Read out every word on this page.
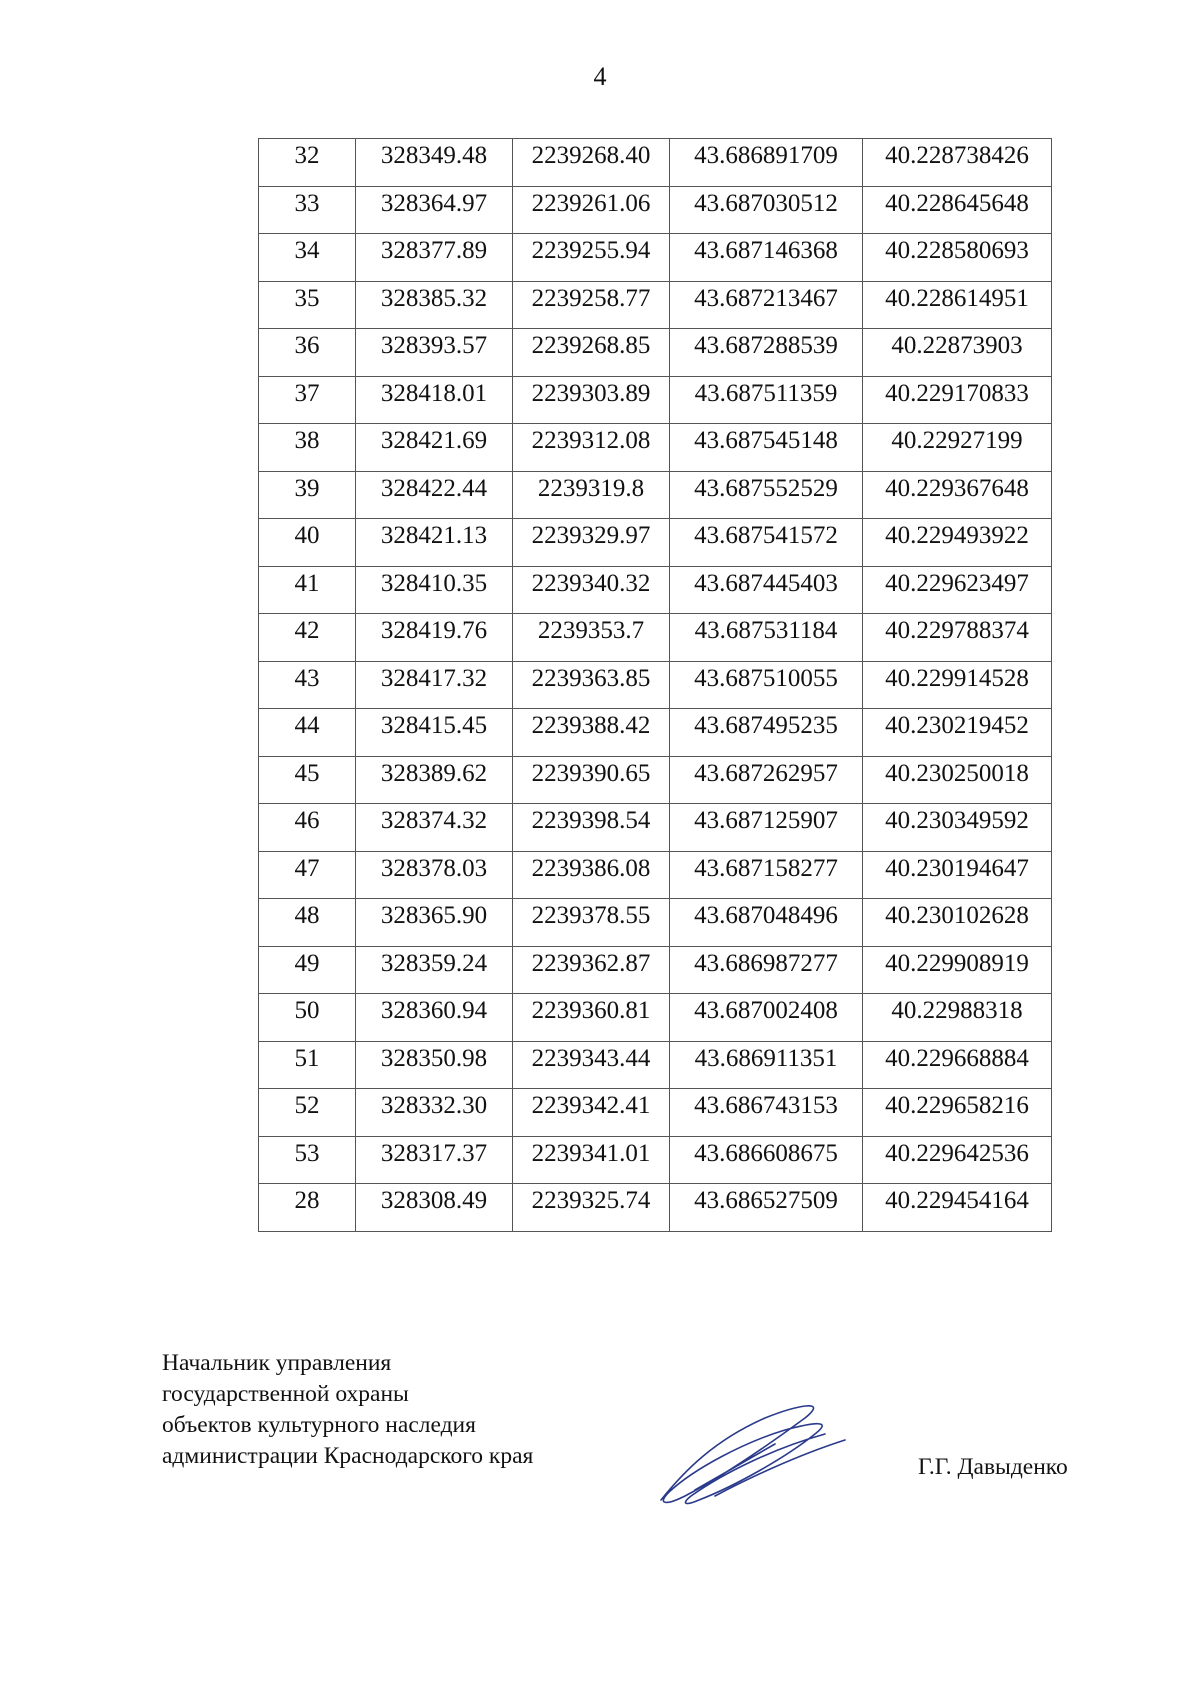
4
32	328349.48	2239268.40	43.686891709	40.228738426
33	328364.97	2239261.06	43.687030512	40.228645648
34	328377.89	2239255.94	43.687146368	40.228580693
35	328385.32	2239258.77	43.687213467	40.228614951
36	328393.57	2239268.85	43.687288539	40.22873903
37	328418.01	2239303.89	43.687511359	40.229170833
38	328421.69	2239312.08	43.687545148	40.22927199
39	328422.44	2239319.8	43.687552529	40.229367648
40	328421.13	2239329.97	43.687541572	40.229493922
41	328410.35	2239340.32	43.687445403	40.229623497
42	328419.76	2239353.7	43.687531184	40.229788374
43	328417.32	2239363.85	43.687510055	40.229914528
44	328415.45	2239388.42	43.687495235	40.230219452
45	328389.62	2239390.65	43.687262957	40.230250018
46	328374.32	2239398.54	43.687125907	40.230349592
47	328378.03	2239386.08	43.687158277	40.230194647
48	328365.90	2239378.55	43.687048496	40.230102628
49	328359.24	2239362.87	43.686987277	40.229908919
50	328360.94	2239360.81	43.687002408	40.22988318
51	328350.98	2239343.44	43.686911351	40.229668884
52	328332.30	2239342.41	43.686743153	40.229658216
53	328317.37	2239341.01	43.686608675	40.229642536
28	328308.49	2239325.74	43.686527509	40.229454164
Начальник управления
государственной охраны
объектов культурного наследия
администрации Краснодарского края	Г.Г. Давыденко
